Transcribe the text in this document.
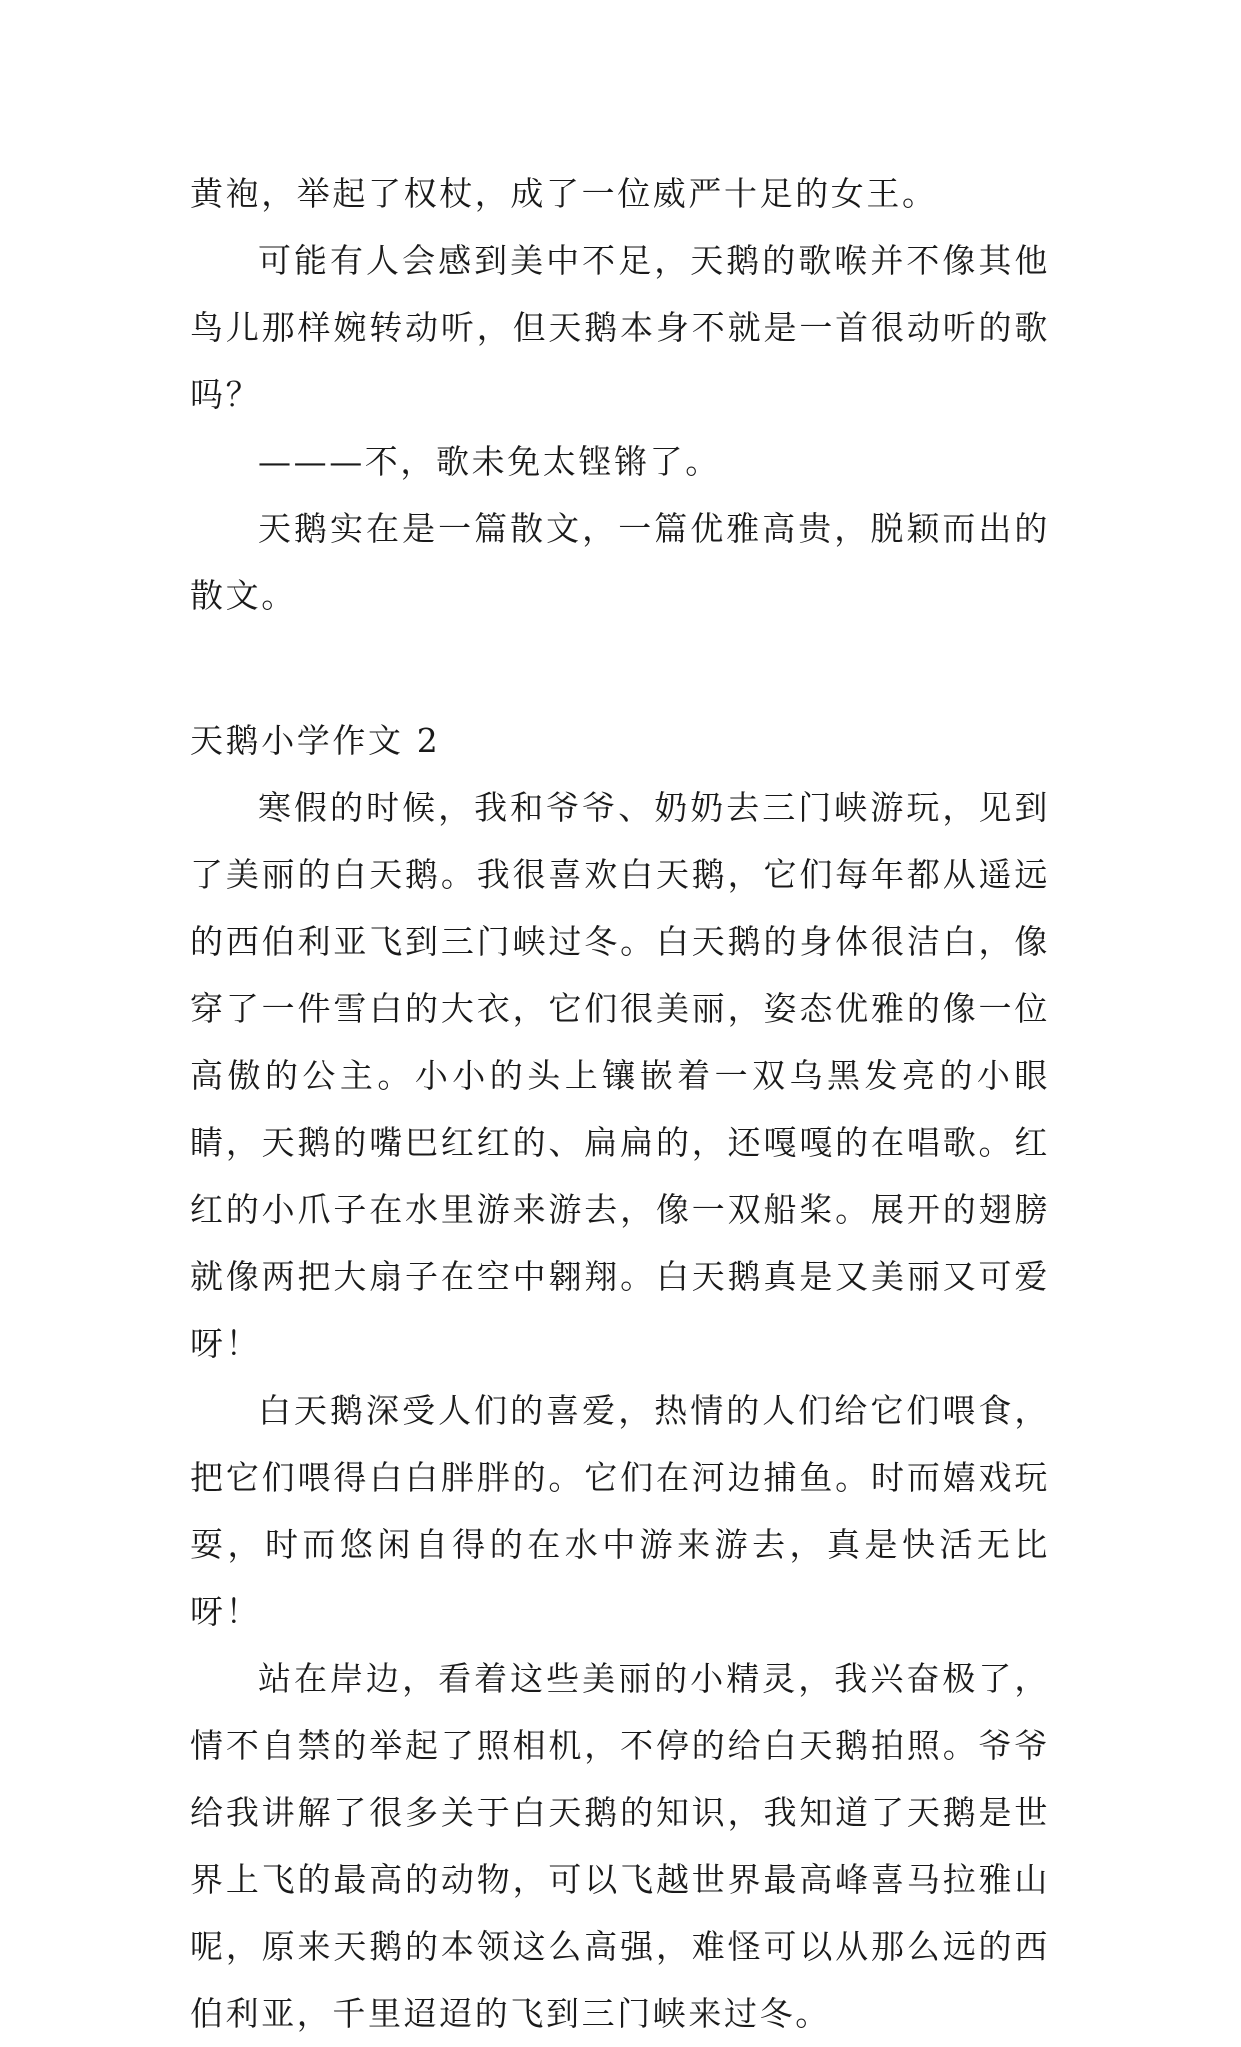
黄袍，举起了权杖，成了一位威严十足的女王。

可能有人会感到美中不足，天鹅的歌喉并不像其他鸟儿那样婉转动听，但天鹅本身不就是一首很动听的歌吗？

———不，歌未免太铿锵了。

天鹅实在是一篇散文，一篇优雅高贵，脱颖而出的散文。

天鹅小学作文 2

寒假的时候，我和爷爷、奶奶去三门峡游玩，见到了美丽的白天鹅。我很喜欢白天鹅，它们每年都从遥远的西伯利亚飞到三门峡过冬。白天鹅的身体很洁白，像穿了一件雪白的大衣，它们很美丽，姿态优雅的像一位高傲的公主。小小的头上镶嵌着一双乌黑发亮的小眼睛，天鹅的嘴巴红红的、扁扁的，还嘎嘎的在唱歌。红红的小爪子在水里游来游去，像一双船桨。展开的翅膀就像两把大扇子在空中翱翔。白天鹅真是又美丽又可爱呀！

白天鹅深受人们的喜爱，热情的人们给它们喂食，把它们喂得白白胖胖的。它们在河边捕鱼。时而嬉戏玩耍，时而悠闲自得的在水中游来游去，真是快活无比呀！

站在岸边，看着这些美丽的小精灵，我兴奋极了，情不自禁的举起了照相机，不停的给白天鹅拍照。爷爷给我讲解了很多关于白天鹅的知识，我知道了天鹅是世界上飞的最高的动物，可以飞越世界最高峰喜马拉雅山呢，原来天鹅的本领这么高强，难怪可以从那么远的西伯利亚，千里迢迢的飞到三门峡来过冬。
